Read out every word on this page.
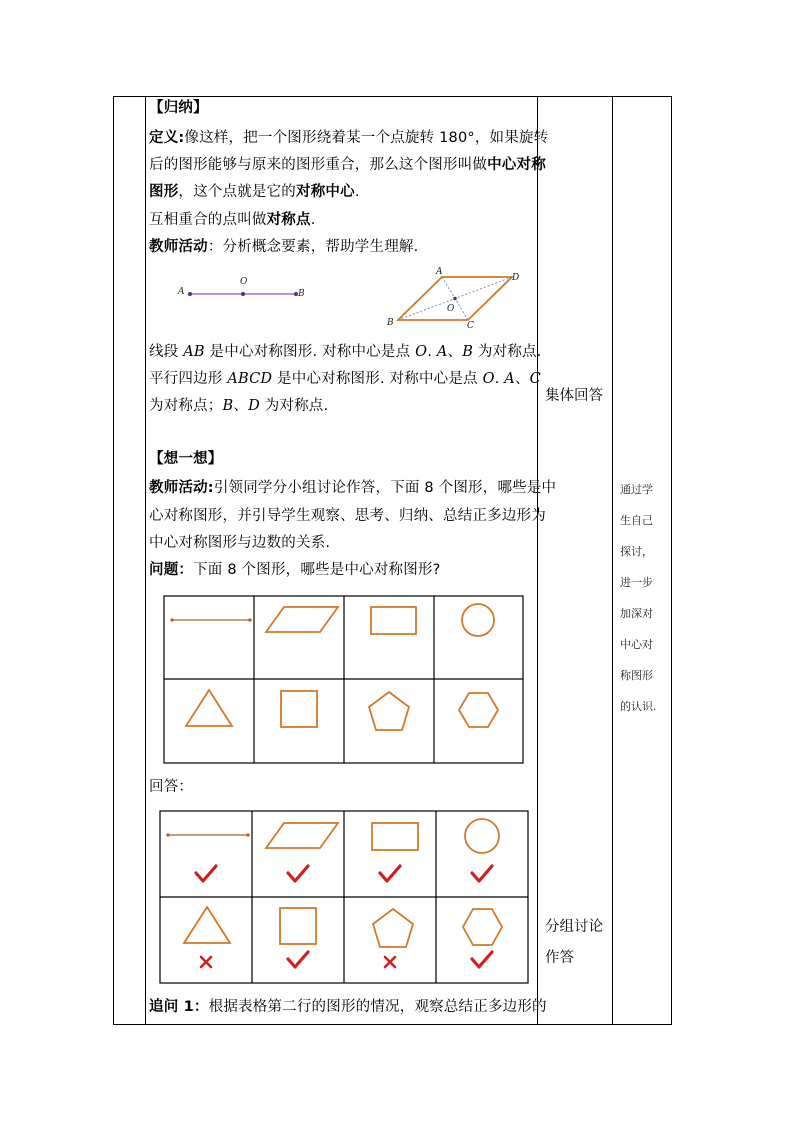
【归纳】
定义:像这样，把一个图形绕着某一个点旋转 180°，如果旋转
后的图形能够与原来的图形重合，那么这个图形叫做中心对称
图形，这个点就是它的对称中心.
互相重合的点叫做对称点.
教师活动：分析概念要素，帮助学生理解.
A
O
B
A
D
O
B	C
线段 AB 是中心对称图形. 对称中心是点 O. A、B 为对称点.
平行四边形 ABCD 是中心对称图形. 对称中心是点 O. A、C
为对称点；B、D 为对称点.
【想一想】
教师活动:引领同学分小组讨论作答，下面 8 个图形，哪些是中
心对称图形，并引导学生观察、思考、归纳、总结正多边形为
中心对称图形与边数的关系.
问题：下面 8 个图形，哪些是中心对称图形?
回答：
追问 1：根据表格第二行的图形的情况，观察总结正多边形的
集体回答
分组讨论
作答
通过学
生自己
探讨，
进一步
加深对
中心对
称图形
的认识.
